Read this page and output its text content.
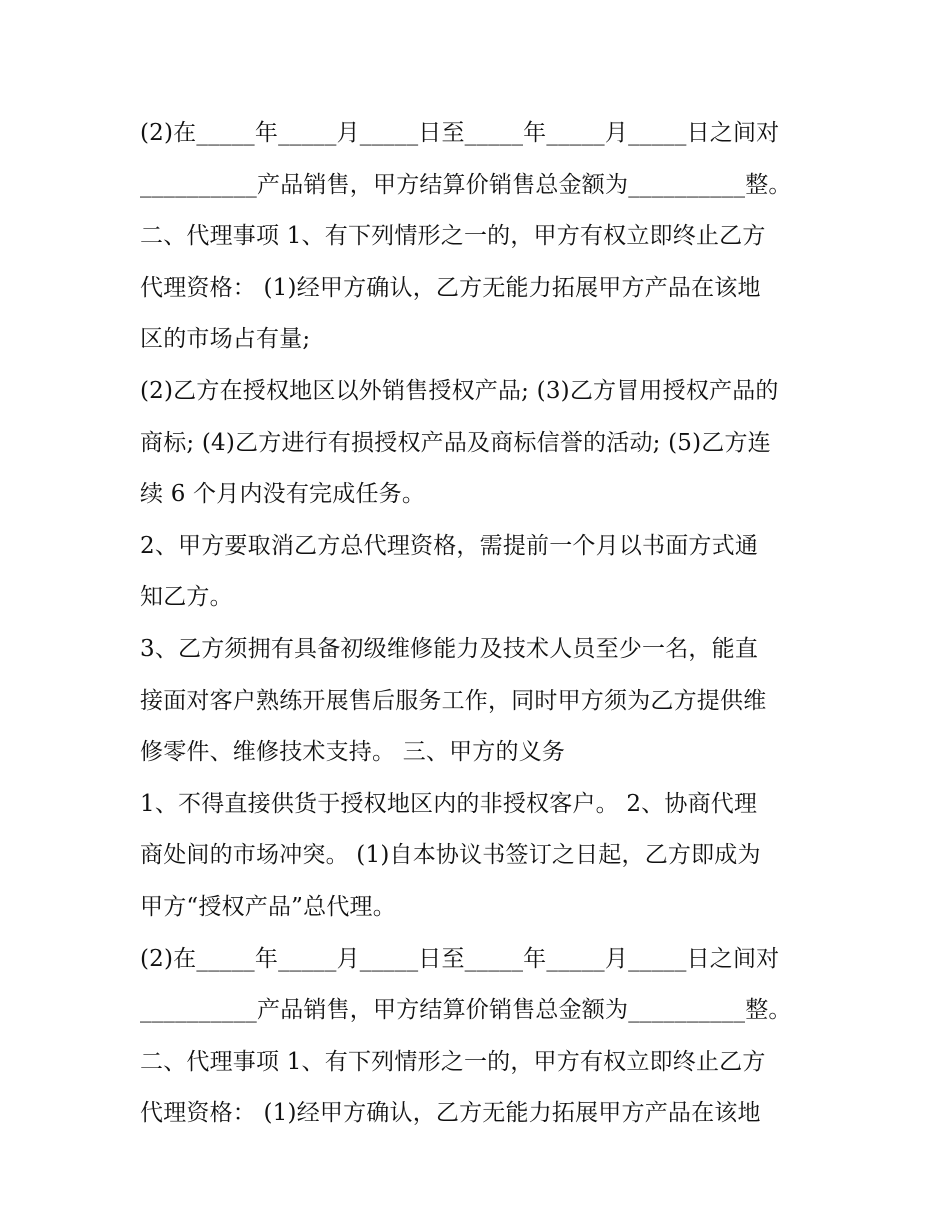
(2)在_____年_____月_____日至_____年_____月_____日之间对
__________产品销售，甲方结算价销售总金额为__________整。
二、代理事项 1、有下列情形之一的，甲方有权立即终止乙方
代理资格： (1)经甲方确认，乙方无能力拓展甲方产品在该地
区的市场占有量;
(2)乙方在授权地区以外销售授权产品; (3)乙方冒用授权产品的
商标; (4)乙方进行有损授权产品及商标信誉的活动; (5)乙方连
续 6 个月内没有完成任务。
2、甲方要取消乙方总代理资格，需提前一个月以书面方式通
知乙方。
3、乙方须拥有具备初级维修能力及技术人员至少一名，能直
接面对客户熟练开展售后服务工作，同时甲方须为乙方提供维
修零件、维修技术支持。 三、甲方的义务
1、不得直接供货于授权地区内的非授权客户。 2、协商代理
商处间的市场冲突。 (1)自本协议书签订之日起，乙方即成为
甲方“授权产品”总代理。
(2)在_____年_____月_____日至_____年_____月_____日之间对
__________产品销售，甲方结算价销售总金额为__________整。
二、代理事项 1、有下列情形之一的，甲方有权立即终止乙方
代理资格： (1)经甲方确认，乙方无能力拓展甲方产品在该地
